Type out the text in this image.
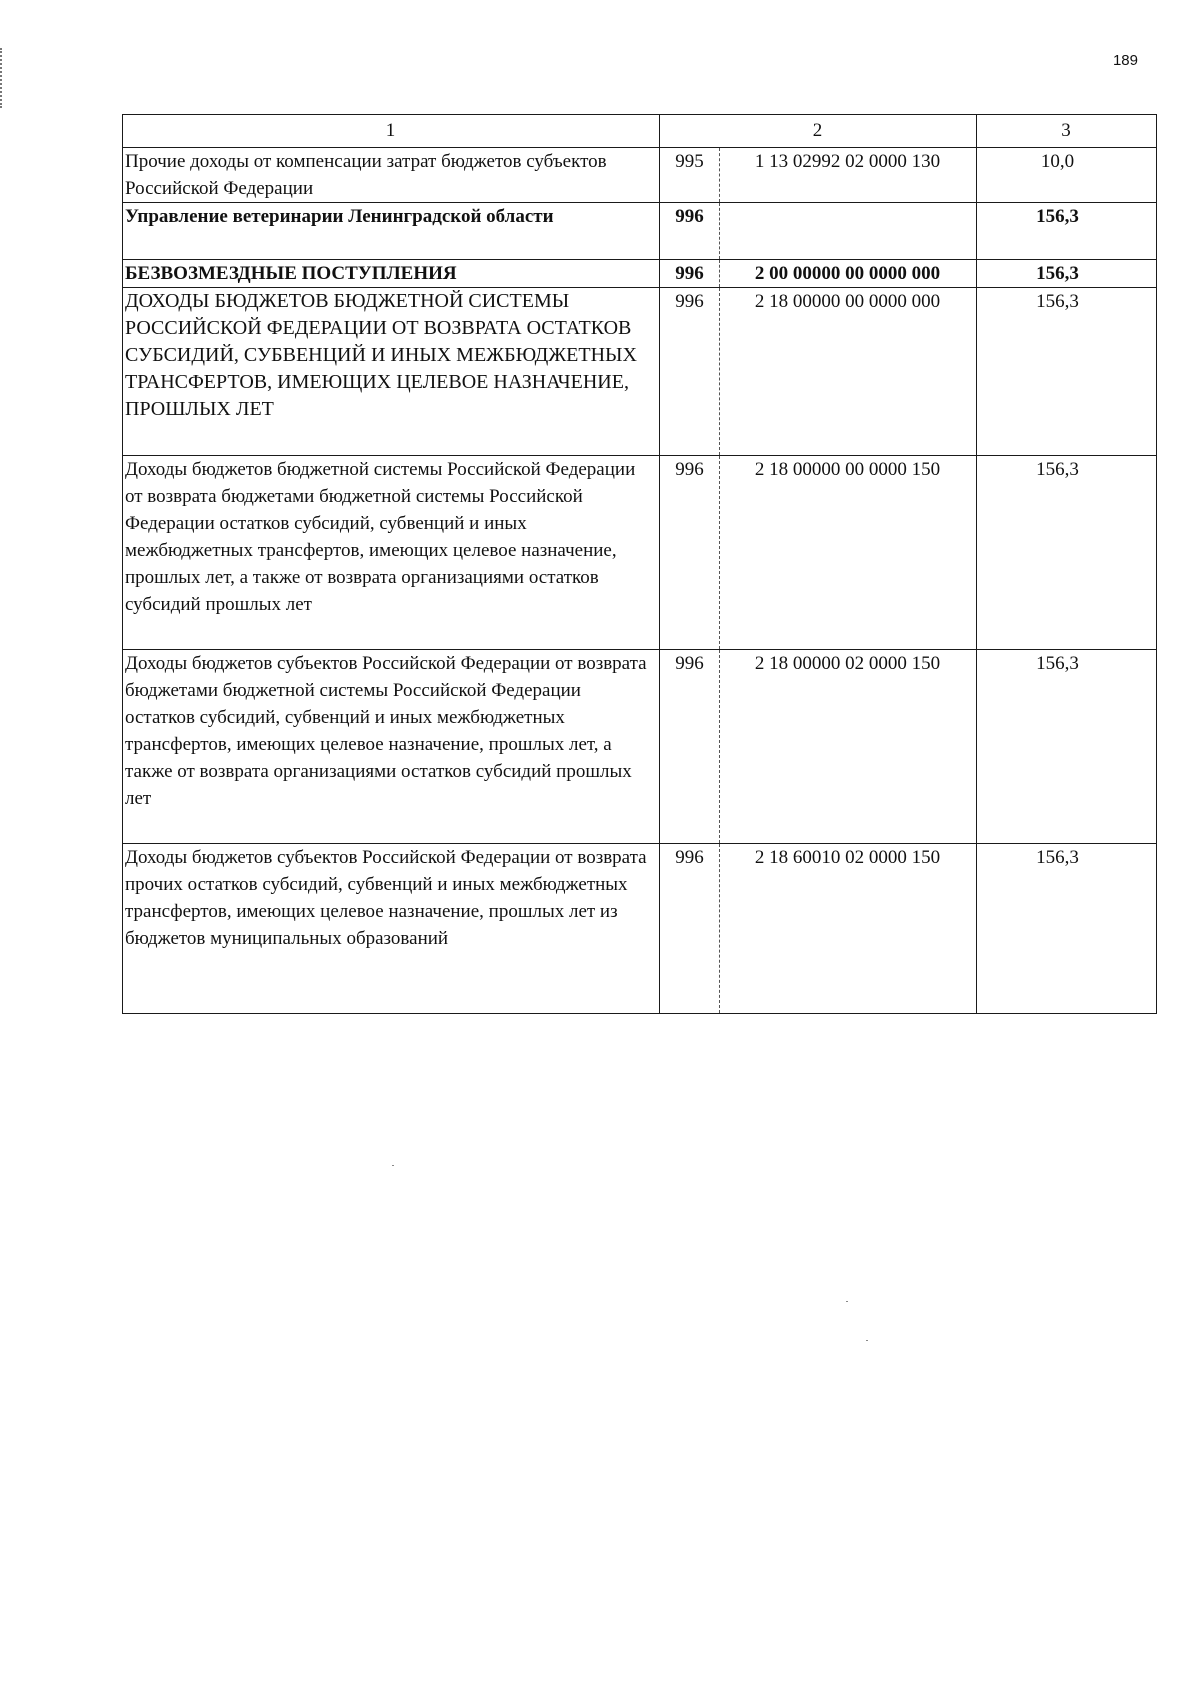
189
1	2		3
Прочие доходы от компенсации затрат бюджетов субъектов Российской Федерации	995	1 13 02992 02 0000 130	10,0
Управление ветеринарии Ленинградской области	996		156,3
БЕЗВОЗМЕЗДНЫЕ ПОСТУПЛЕНИЯ	996	2 00 00000 00 0000 000	156,3
ДОХОДЫ БЮДЖЕТОВ БЮДЖЕТНОЙ СИСТЕМЫ РОССИЙСКОЙ ФЕДЕРАЦИИ ОТ ВОЗВРАТА ОСТАТКОВ СУБСИДИЙ, СУБВЕНЦИЙ И ИНЫХ МЕЖБЮДЖЕТНЫХ ТРАНСФЕРТОВ, ИМЕЮЩИХ ЦЕЛЕВОЕ НАЗНАЧЕНИЕ, ПРОШЛЫХ ЛЕТ	996	2 18 00000 00 0000 000	156,3
Доходы бюджетов бюджетной системы Российской Федерации от возврата бюджетами бюджетной системы Российской Федерации остатков субсидий, субвенций и иных межбюджетных трансфертов, имеющих целевое назначение, прошлых лет, а также от возврата организациями остатков субсидий прошлых лет	996	2 18 00000 00 0000 150	156,3
Доходы бюджетов субъектов Российской Федерации от возврата бюджетами бюджетной системы Российской Федерации остатков субсидий, субвенций и иных межбюджетных трансфертов, имеющих целевое назначение, прошлых лет, а также от возврата организациями остатков субсидий прошлых лет	996	2 18 00000 02 0000 150	156,3
Доходы бюджетов субъектов Российской Федерации от возврата прочих остатков субсидий, субвенций и иных межбюджетных трансфертов, имеющих целевое назначение, прошлых лет из бюджетов муниципальных образований	996	2 18 60010 02 0000 150	156,3
